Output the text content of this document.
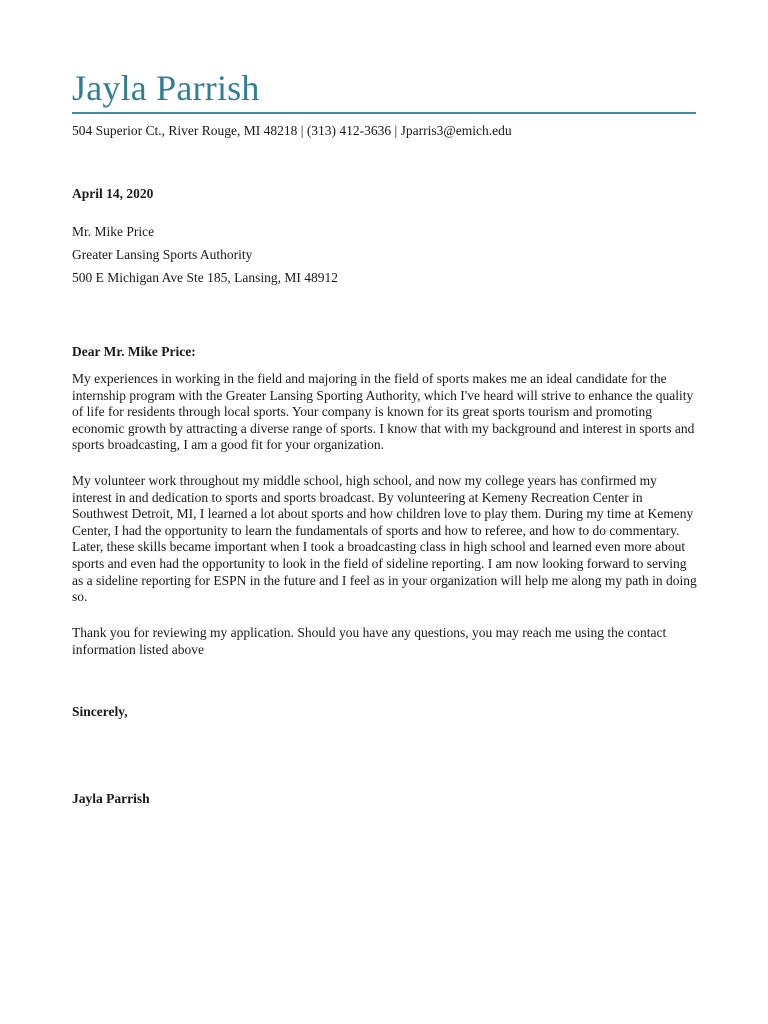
Jayla Parrish
504 Superior Ct., River Rouge, MI 48218 | (313) 412-3636 | Jparris3@emich.edu
April 14, 2020
Mr. Mike Price
Greater Lansing Sports Authority
500 E Michigan Ave Ste 185, Lansing, MI 48912
Dear Mr. Mike Price:

My experiences in working in the field and majoring in the field of sports makes me an ideal candidate for the internship program with the Greater Lansing Sporting Authority, which I've heard will strive to enhance the quality of life for residents through local sports. Your company is known for its great sports tourism and promoting economic growth by attracting a diverse range of sports. I know that with my background and interest in sports and sports broadcasting, I am a good fit for your organization.

My volunteer work throughout my middle school, high school, and now my college years has confirmed my interest in and dedication to sports and sports broadcast. By volunteering at Kemeny Recreation Center in Southwest Detroit, MI, I learned a lot about sports and how children love to play them. During my time at Kemeny Center, I had the opportunity to learn the fundamentals of sports and how to referee, and how to do commentary. Later, these skills became important when I took a broadcasting class in high school and learned even more about sports and even had the opportunity to look in the field of sideline reporting. I am now looking forward to serving as a sideline reporting for ESPN in the future and I feel as in your organization will help me along my path in doing so.

Thank you for reviewing my application. Should you have any questions, you may reach me using the contact information listed above

Sincerely,
Jayla Parrish
